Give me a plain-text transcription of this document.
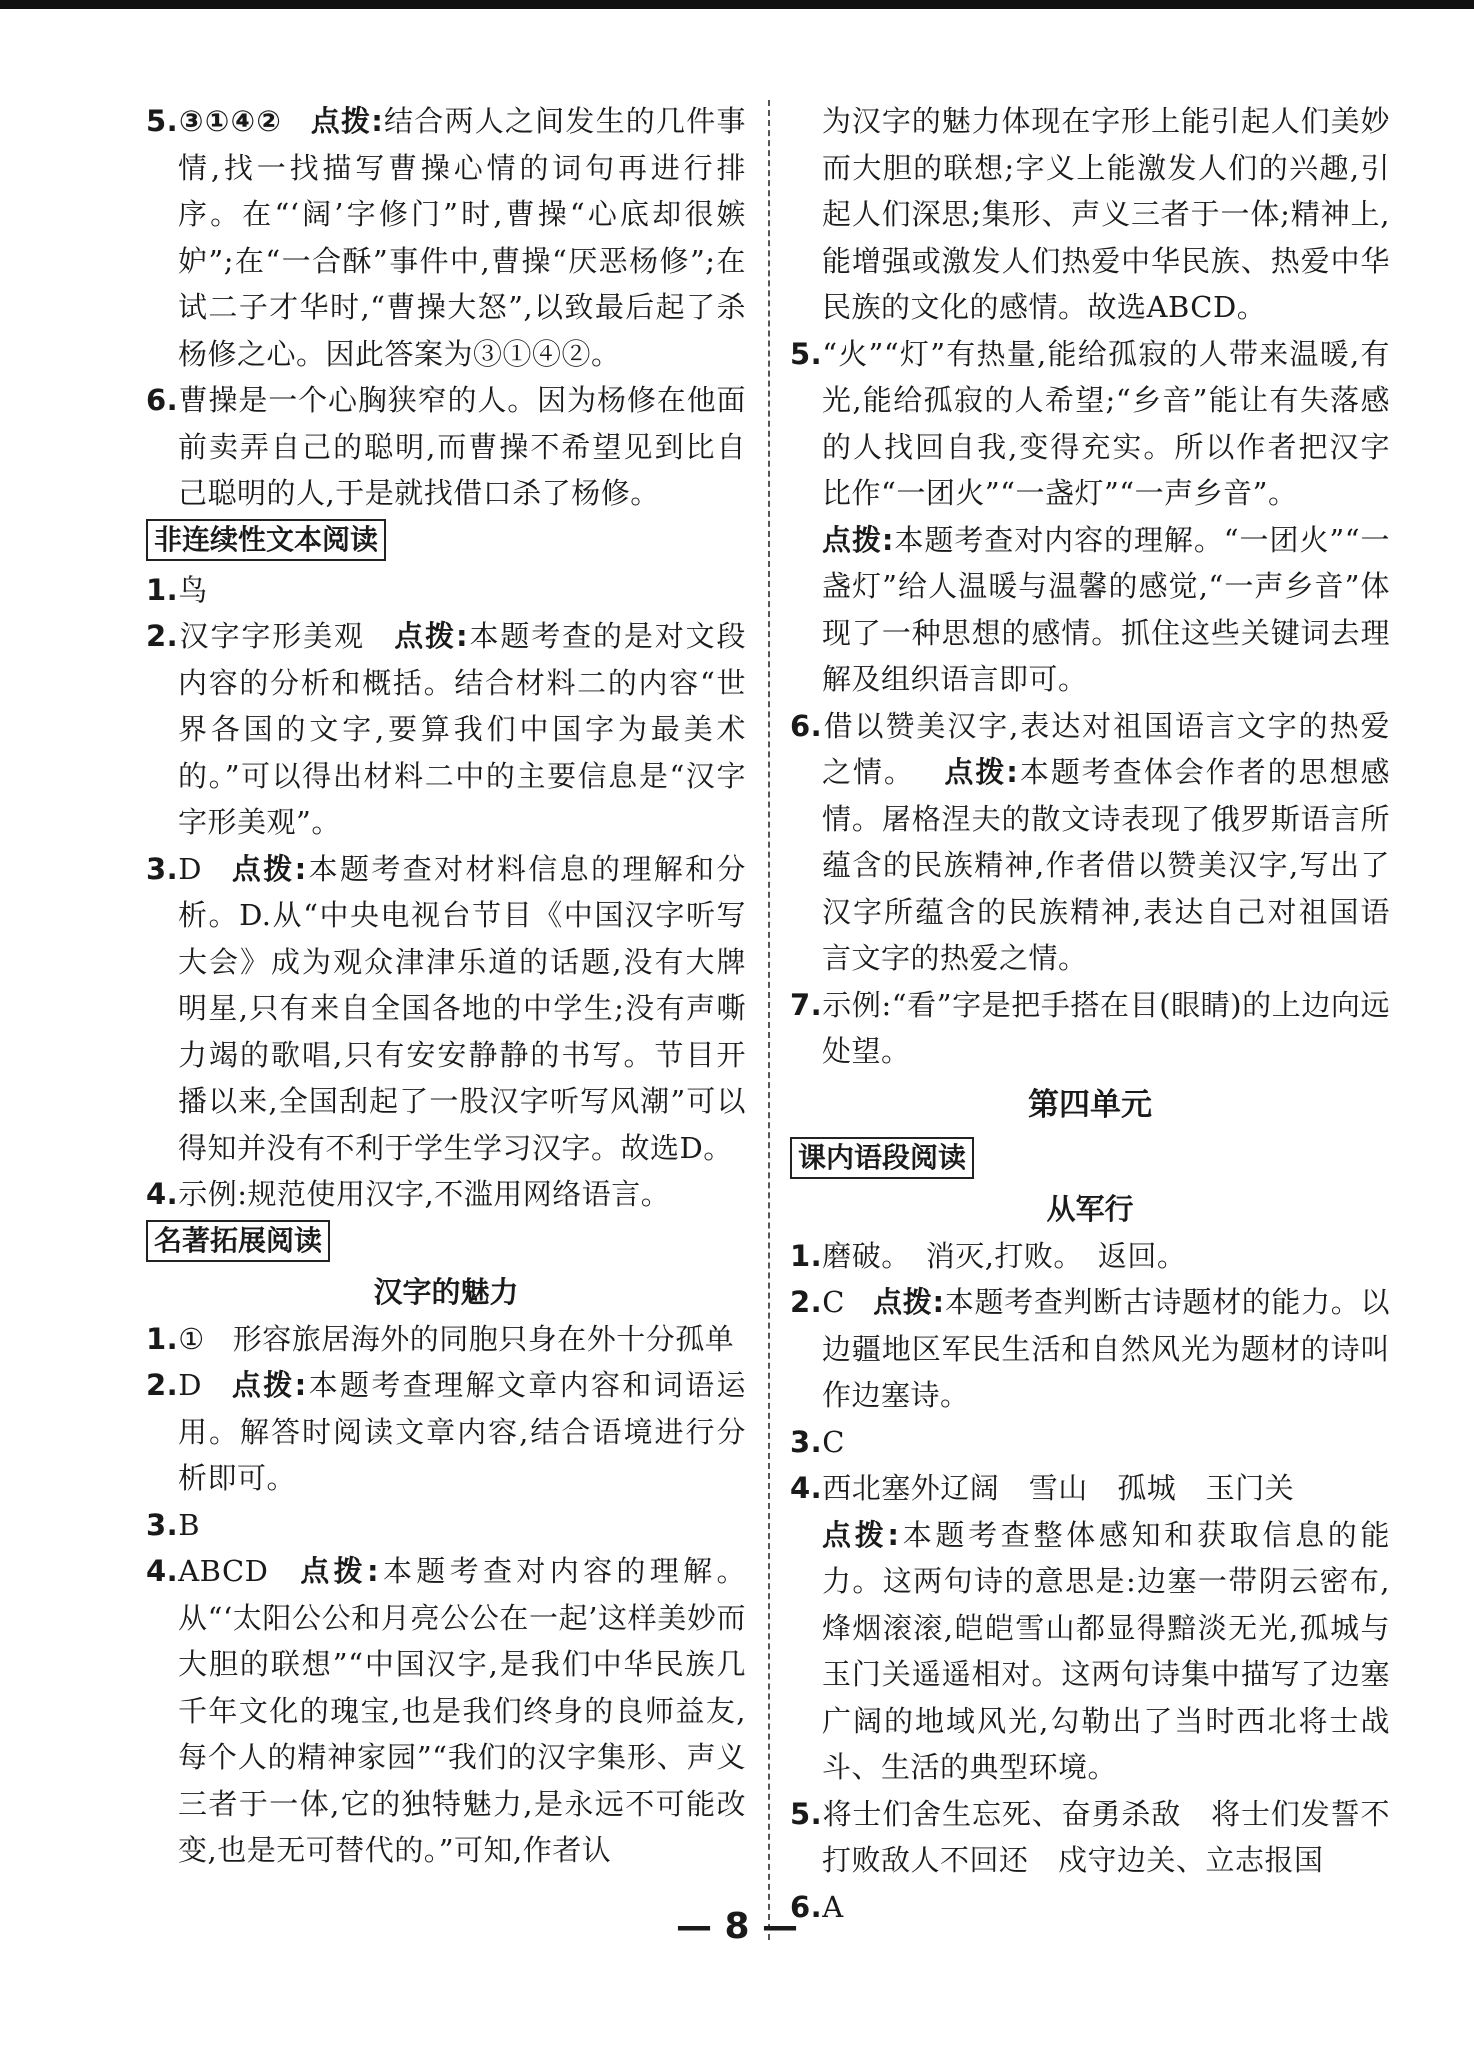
5.③①④② 点拨:结合两人之间发生的几件事情,找一找描写曹操心情的词句再进行排序。在“‘阔’字修门”时,曹操“心底却很嫉妒”;在“一合酥”事件中,曹操“厌恶杨修”;在试二子才华时,“曹操大怒”,以致最后起了杀杨修之心。因此答案为③①④②。

6.曹操是一个心胸狭窄的人。因为杨修在他面前卖弄自己的聪明,而曹操不希望见到比自己聪明的人,于是就找借口杀了杨修。

非连续性文本阅读

1.鸟

2.汉字字形美观 点拨:本题考查的是对文段内容的分析和概括。结合材料二的内容“世界各国的文字,要算我们中国字为最美术的。”可以得出材料二中的主要信息是“汉字字形美观”。

3.D 点拨:本题考查对材料信息的理解和分析。D.从“中央电视台节目《中国汉字听写大会》成为观众津津乐道的话题,没有大牌明星,只有来自全国各地的中学生;没有声嘶力竭的歌唱,只有安安静静的书写。节目开播以来,全国刮起了一股汉字听写风潮”可以得知并没有不利于学生学习汉字。故选D。

4.示例:规范使用汉字,不滥用网络语言。

名著拓展阅读

汉字的魅力

1.① 形容旅居海外的同胞只身在外十分孤单

2.D 点拨:本题考查理解文章内容和词语运用。解答时阅读文章内容,结合语境进行分析即可。

3.B

4.ABCD 点拨:本题考查对内容的理解。从“‘太阳公公和月亮公公在一起’这样美妙而大胆的联想”“中国汉字,是我们中华民族几千年文化的瑰宝,也是我们终身的良师益友,每个人的精神家园”“我们的汉字集形、声义三者于一体,它的独特魅力,是永远不可能改变,也是无可替代的。”可知,作者认

为汉字的魅力体现在字形上能引起人们美妙而大胆的联想;字义上能激发人们的兴趣,引起人们深思;集形、声义三者于一体;精神上,能增强或激发人们热爱中华民族、热爱中华民族的文化的感情。故选ABCD。

5.“火”“灯”有热量,能给孤寂的人带来温暖,有光,能给孤寂的人希望;“乡音”能让有失落感的人找回自我,变得充实。所以作者把汉字比作“一团火”“一盏灯”“一声乡音”。

点拨:本题考查对内容的理解。“一团火”“一盏灯”给人温暖与温馨的感觉,“一声乡音”体现了一种思想的感情。抓住这些关键词去理解及组织语言即可。

6.借以赞美汉字,表达对祖国语言文字的热爱之情。 点拨:本题考查体会作者的思想感情。屠格涅夫的散文诗表现了俄罗斯语言所蕴含的民族精神,作者借以赞美汉字,写出了汉字所蕴含的民族精神,表达自己对祖国语言文字的热爱之情。

7.示例:“看”字是把手搭在目(眼睛)的上边向远处望。

第四单元

课内语段阅读

从军行

1.磨破。　消灭,打败。　返回。

2.C 点拨:本题考查判断古诗题材的能力。以边疆地区军民生活和自然风光为题材的诗叫作边塞诗。

3.C

4.西北塞外辽阔　雪山　孤城　玉门关

点拨:本题考查整体感知和获取信息的能力。这两句诗的意思是:边塞一带阴云密布,烽烟滚滚,皑皑雪山都显得黯淡无光,孤城与玉门关遥遥相对。这两句诗集中描写了边塞广阔的地域风光,勾勒出了当时西北将士战斗、生活的典型环境。

5.将士们舍生忘死、奋勇杀敌　将士们发誓不打败敌人不回还　戍守边关、立志报国

6.A

— 8 —
